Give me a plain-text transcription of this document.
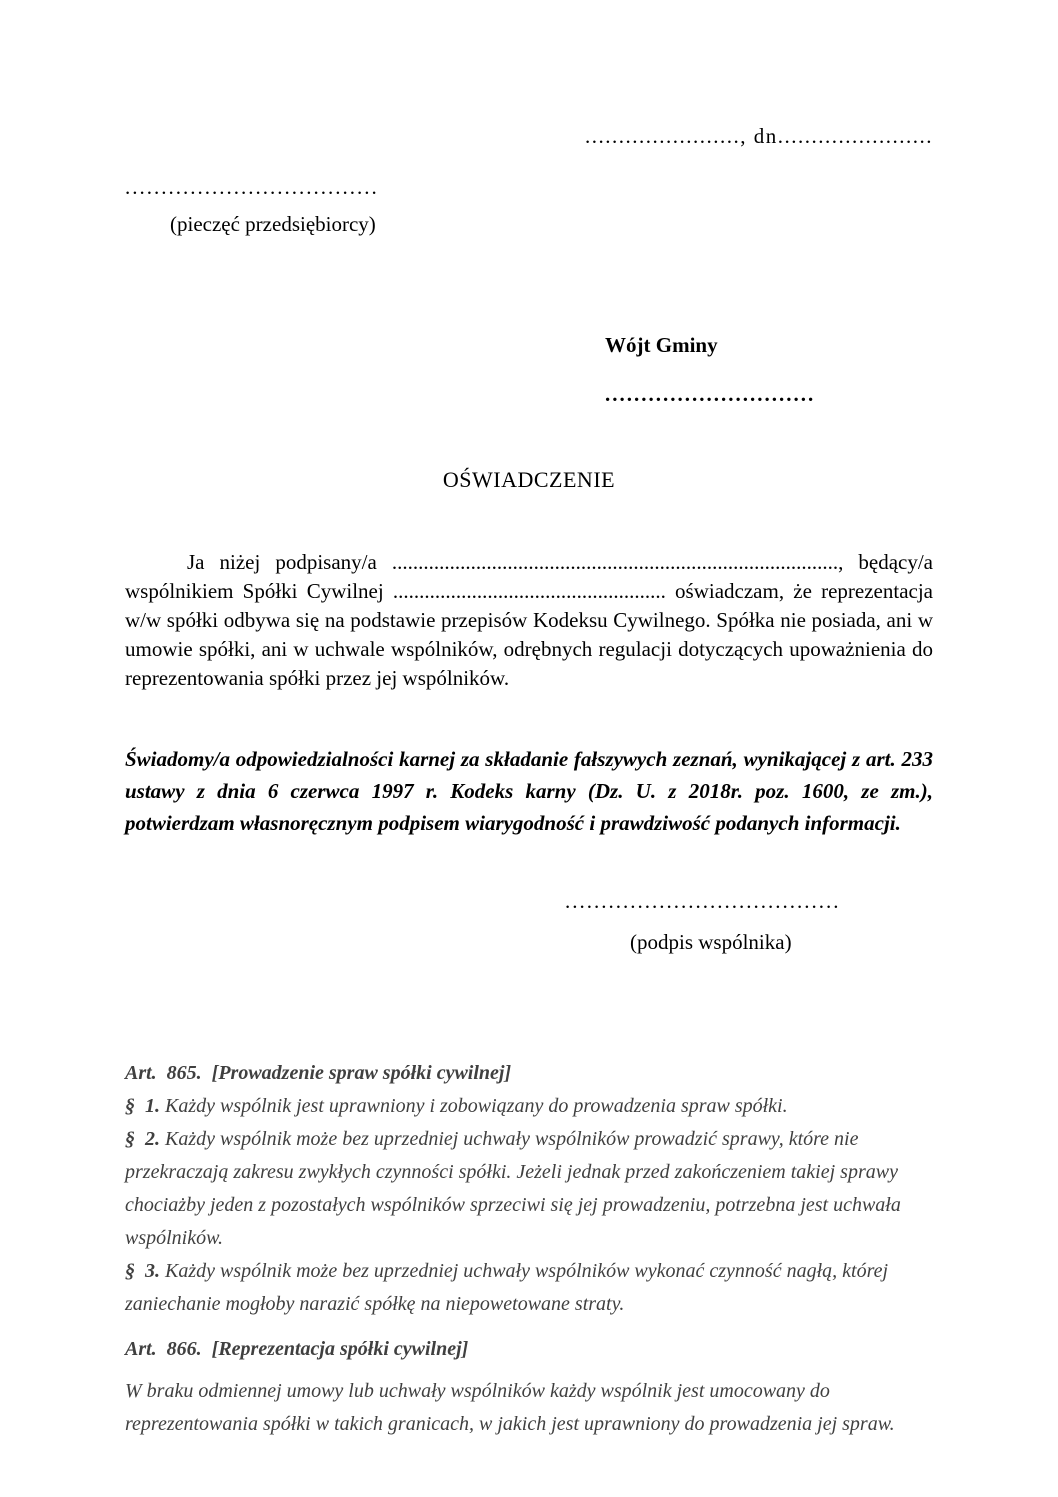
......................., dn.......................
...................................
(pieczęć przedsiębiorcy)
Wójt Gminy
.............................
OŚWIADCZENIE

Ja niżej podpisany/a ....................................................................................., będący/a wspólnikiem Spółki Cywilnej .................................................... oświadczam, że reprezentacja w/w spółki odbywa się na podstawie przepisów Kodeksu Cywilnego. Spółka nie posiada, ani w umowie spółki, ani w uchwale wspólników, odrębnych regulacji dotyczących upoważnienia do reprezentowania spółki przez jej wspólników.

Świadomy/a odpowiedzialności karnej za składanie fałszywych zeznań, wynikającej z art. 233 ustawy z dnia 6 czerwca 1997 r. Kodeks karny (Dz. U. z 2018r. poz. 1600, ze zm.), potwierdzam własnoręcznym podpisem wiarygodność i prawdziwość podanych informacji.

......................................
(podpis wspólnika)

Art.  865.  [Prowadzenie spraw spółki cywilnej]

§  1. Każdy wspólnik jest uprawniony i zobowiązany do prowadzenia spraw spółki.

§  2. Każdy wspólnik może bez uprzedniej uchwały wspólników prowadzić sprawy, które nie przekraczają zakresu zwykłych czynności spółki. Jeżeli jednak przed zakończeniem takiej sprawy chociażby jeden z pozostałych wspólników sprzeciwi się jej prowadzeniu, potrzebna jest uchwała wspólników.

§  3. Każdy wspólnik może bez uprzedniej uchwały wspólników wykonać czynność nagłą, której zaniechanie mogłoby narazić spółkę na niepowetowane straty.

Art.  866.  [Reprezentacja spółki cywilnej]

W braku odmiennej umowy lub uchwały wspólników każdy wspólnik jest umocowany do reprezentowania spółki w takich granicach, w jakich jest uprawniony do prowadzenia jej spraw.
